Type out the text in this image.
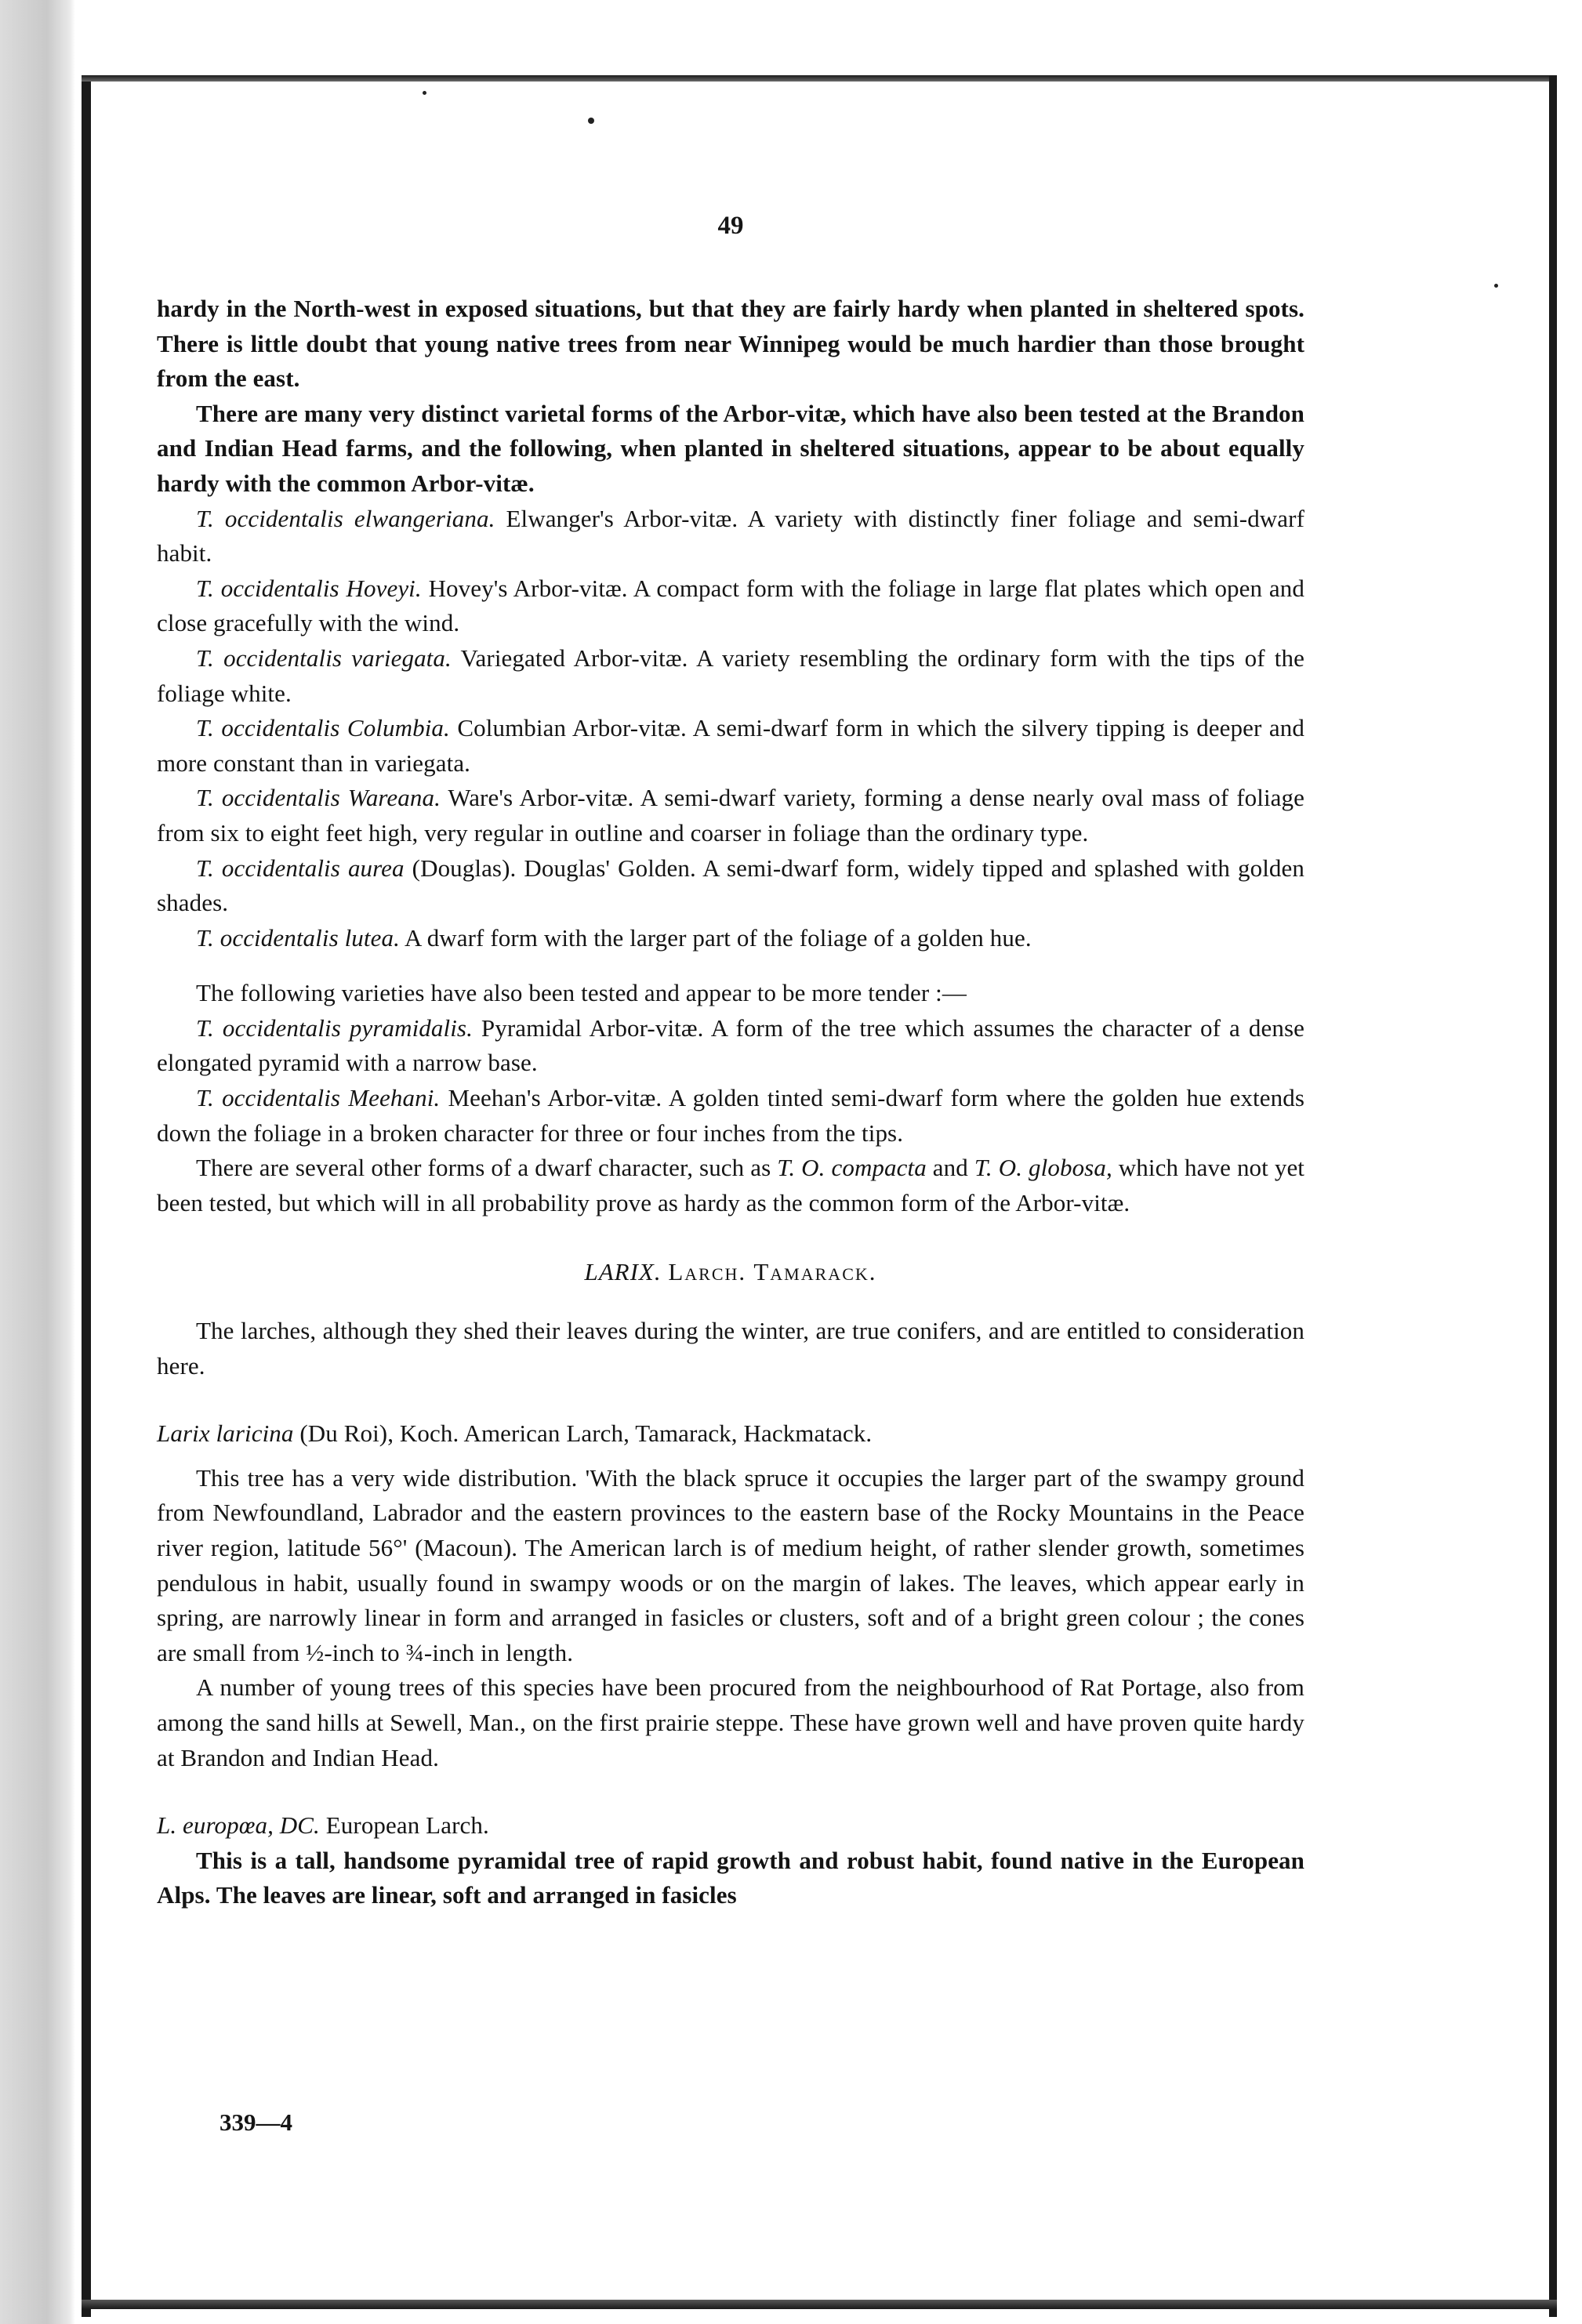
49

hardy in the North-west in exposed situations, but that they are fairly hardy when planted in sheltered spots. There is little doubt that young native trees from near Winnipeg would be much hardier than those brought from the east.

There are many very distinct varietal forms of the Arbor-vitæ, which have also been tested at the Brandon and Indian Head farms, and the following, when planted in sheltered situations, appear to be about equally hardy with the common Arbor-vitæ.

T. occidentalis elwangeriana. Elwanger's Arbor-vitæ. A variety with distinctly finer foliage and semi-dwarf habit.

T. occidentalis Hoveyi. Hovey's Arbor-vitæ. A compact form with the foliage in large flat plates which open and close gracefully with the wind.

T. occidentalis variegata. Variegated Arbor-vitæ. A variety resembling the ordinary form with the tips of the foliage white.

T. occidentalis Columbia. Columbian Arbor-vitæ. A semi-dwarf form in which the silvery tipping is deeper and more constant than in variegata.

T. occidentalis Wareana. Ware's Arbor-vitæ. A semi-dwarf variety, forming a dense nearly oval mass of foliage from six to eight feet high, very regular in outline and coarser in foliage than the ordinary type.

T. occidentalis aurea (Douglas). Douglas' Golden. A semi-dwarf form, widely tipped and splashed with golden shades.

T. occidentalis lutea. A dwarf form with the larger part of the foliage of a golden hue.

The following varieties have also been tested and appear to be more tender :—

T. occidentalis pyramidalis. Pyramidal Arbor-vitæ. A form of the tree which assumes the character of a dense elongated pyramid with a narrow base.

T. occidentalis Meehani. Meehan's Arbor-vitæ. A golden tinted semi-dwarf form where the golden hue extends down the foliage in a broken character for three or four inches from the tips.

There are several other forms of a dwarf character, such as T. O. compacta and T. O. globosa, which have not yet been tested, but which will in all probability prove as hardy as the common form of the Arbor-vitæ.

LARIX. Larch. Tamarack.

The larches, although they shed their leaves during the winter, are true conifers, and are entitled to consideration here.

Larix laricina (Du Roi), Koch. American Larch, Tamarack, Hackmatack.

This tree has a very wide distribution. 'With the black spruce it occupies the larger part of the swampy ground from Newfoundland, Labrador and the eastern provinces to the eastern base of the Rocky Mountains in the Peace river region, latitude 56°' (Macoun). The American larch is of medium height, of rather slender growth, sometimes pendulous in habit, usually found in swampy woods or on the margin of lakes. The leaves, which appear early in spring, are narrowly linear in form and arranged in fasicles or clusters, soft and of a bright green colour ; the cones are small from ½-inch to ¾-inch in length.

A number of young trees of this species have been procured from the neighbourhood of Rat Portage, also from among the sand hills at Sewell, Man., on the first prairie steppe. These have grown well and have proven quite hardy at Brandon and Indian Head.

L. europœa, DC. European Larch.

This is a tall, handsome pyramidal tree of rapid growth and robust habit, found native in the European Alps. The leaves are linear, soft and arranged in fasicles

339—4
